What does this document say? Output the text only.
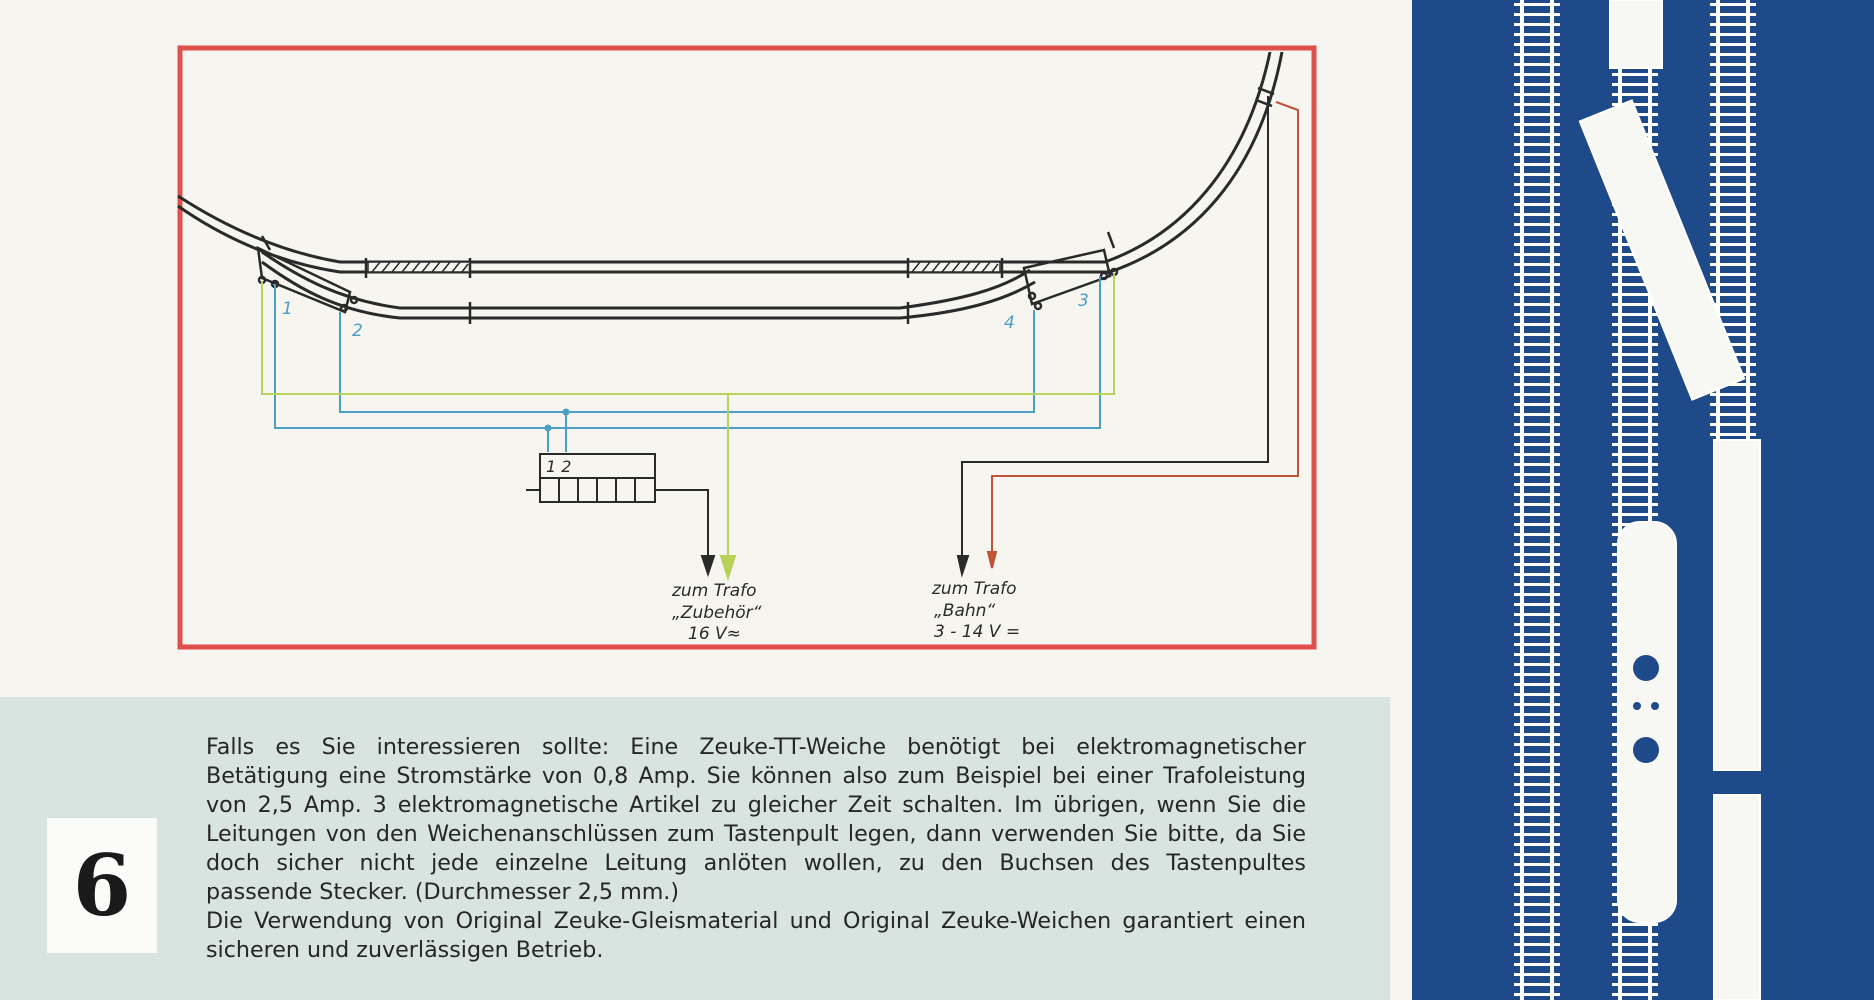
1
2
3
4
1 2
zum Trafo
„Zubehör“
16 V≈
zum Trafo
„Bahn“
3 - 14 V =
6

Falls es Sie interessieren sollte: Eine Zeuke-TT-Weiche benötigt bei elektromagnetischer Betätigung eine Stromstärke von 0,8 Amp. Sie können also zum Beispiel bei einer Trafoleistung von 2,5 Amp. 3 elektromagnetische Artikel zu gleicher Zeit schalten. Im übrigen, wenn Sie die Leitungen von den Weichenanschlüssen zum Tastenpult legen, dann verwenden Sie bitte, da Sie doch sicher nicht jede einzelne Leitung anlöten wollen, zu den Buchsen des Tastenpultes passende Stecker. (Durchmesser 2,5 mm.)

Die Verwendung von Original Zeuke-Gleismaterial und Original Zeuke-Weichen garantiert einen sicheren und zuverlässigen Betrieb.
